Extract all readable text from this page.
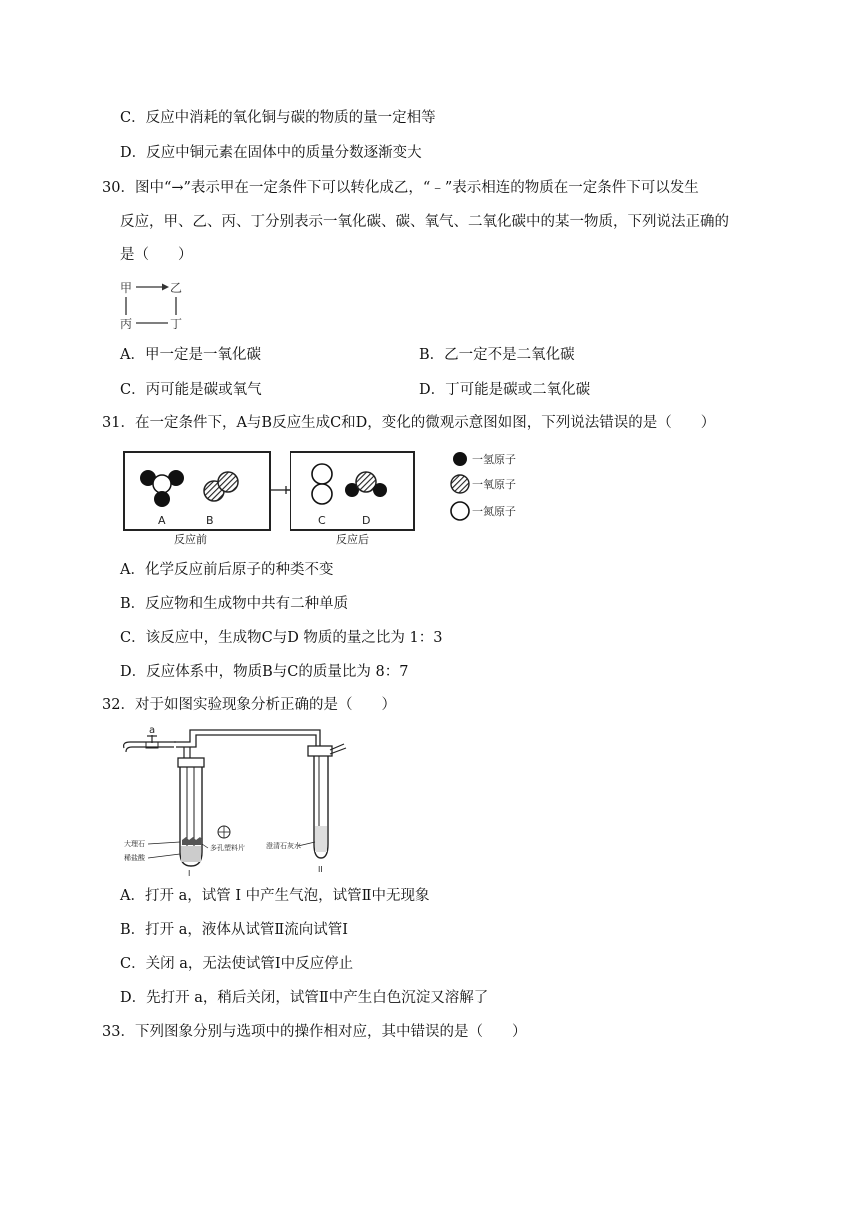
C．反应中消耗的氧化铜与碳的物质的量一定相等
D．反应中铜元素在固体中的质量分数逐渐变大
30．图中“→”表示甲在一定条件下可以转化成乙，“﹣”表示相连的物质在一定条件下可以发生
反应，甲、乙、丙、丁分别表示一氧化碳、碳、氧气、二氧化碳中的某一物质，下列说法正确的
是（　　）
甲	乙
丙	丁
A．甲一定是一氧化碳	B．乙一定不是二氧化碳
C．丙可能是碳或氧气	D．丁可能是碳或二氧化碳
31．在一定条件下，A与B反应生成C和D，变化的微观示意图如图，下列说法错误的是（　　）
A	B	C	D
一氢原子
一氧原子
一氮原子
反应前	反应后
A．化学反应前后原子的种类不变
B．反应物和生成物中共有二种单质
C．该反应中，生成物C与D 物质的量之比为 1：3
D．反应体系中，物质B与C的质量比为 8：7
32．对于如图实验现象分析正确的是（　　）
a
I
大理石
稀盐酸
多孔塑料片	澄清石灰水
II
A．打开 a，试管 Ⅰ 中产生气泡，试管Ⅱ中无现象
B．打开 a，液体从试管Ⅱ流向试管Ⅰ
C．关闭 a，无法使试管Ⅰ中反应停止
D．先打开 a，稍后关闭，试管Ⅱ中产生白色沉淀又溶解了
33．下列图象分别与选项中的操作相对应，其中错误的是（　　）
